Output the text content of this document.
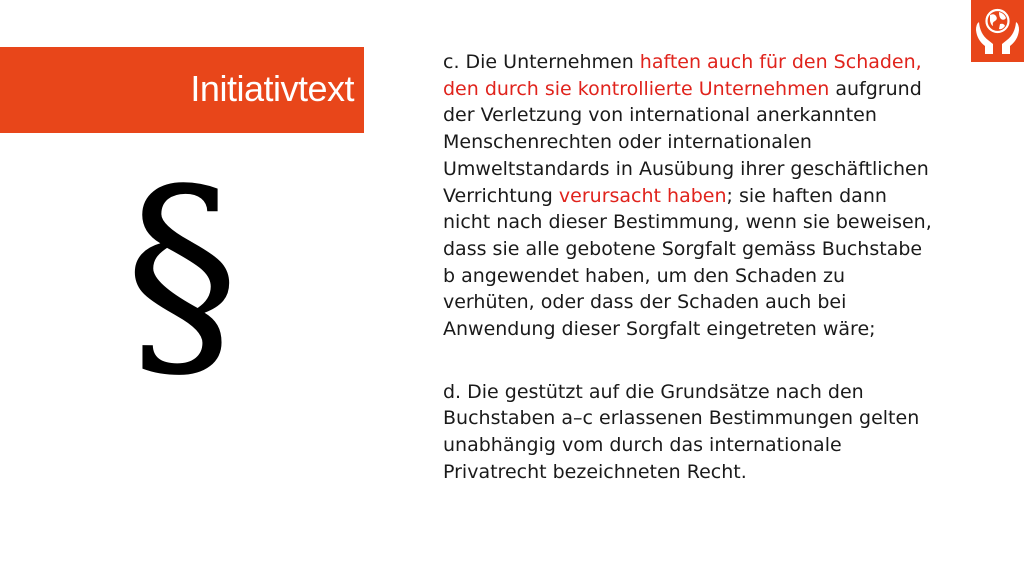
Initiativtext
§

c. Die Unternehmen haften auch für den Schaden, den durch sie kontrollierte Unternehmen aufgrund der Verletzung von international anerkannten Menschenrechten oder internationalen Umweltstandards in Ausübung ihrer geschäftlichen Verrichtung verursacht haben; sie haften dann nicht nach dieser Bestimmung, wenn sie beweisen, dass sie alle gebotene Sorgfalt gemäss Buchstabe b angewendet haben, um den Schaden zu verhüten, oder dass der Schaden auch bei Anwendung dieser Sorgfalt eingetreten wäre;

d. Die gestützt auf die Grundsätze nach den Buchstaben a–c erlassenen Bestimmungen gelten unabhängig vom durch das internationale Privatrecht bezeichneten Recht.
